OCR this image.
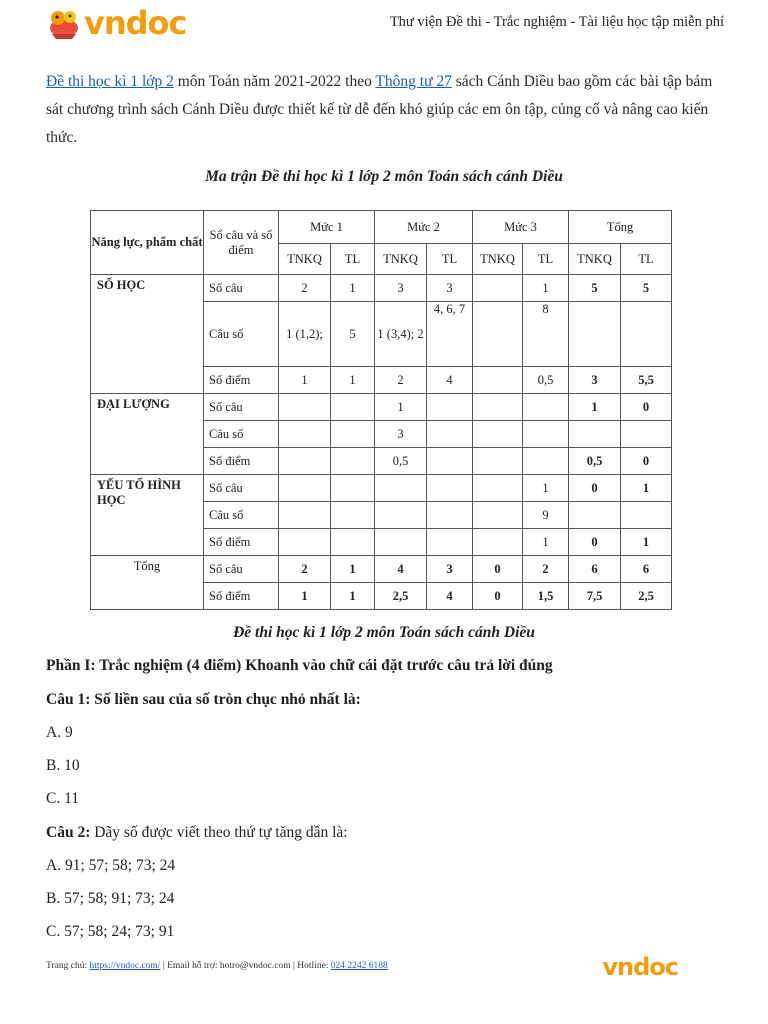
vndoc	Thư viện Đề thi - Trắc nghiệm - Tài liệu học tập miễn phí
Đề thi học kì 1 lớp 2 môn Toán năm 2021-2022 theo Thông tư 27 sách Cánh Diều bao gồm các bài tập bám sát chương trình sách Cánh Diều được thiết kế từ dễ đến khó giúp các em ôn tập, củng cố và nâng cao kiến thức.
Ma trận Đề thi học kì 1 lớp 2 môn Toán sách cánh Diều
Năng lực, phẩm chất	Số câu và số điểm	Mức 1		Mức 2		Mức 3		Tổng	
		TNKQ	TL	TNKQ	TL	TNKQ	TL	TNKQ	TL
SỐ HỌC	Số câu	2	1	3	3		1	5	5
	Câu số	1 (1,2);	5	1 (3,4); 2	4, 6, 7		8		
	Số điểm	1	1	2	4		0,5	3	5,5
ĐẠI LƯỢNG	Số câu			1				1	0
	Câu số			3					
	Số điểm			0,5				0,5	0
YẾU TỐ HÌNH HỌC	Số câu						1	0	1
	Câu số						9		
	Số điểm						1	0	1
Tổng	Số câu	2	1	4	3	0	2	6	6
	Số điểm	1	1	2,5	4	0	1,5	7,5	2,5
Đề thi học kì 1 lớp 2 môn Toán sách cánh Diều
Phần I: Trắc nghiệm (4 điểm) Khoanh vào chữ cái đặt trước câu trả lời đúng
Câu 1: Số liền sau của số tròn chục nhỏ nhất là:
A. 9
B. 10
C. 11
Câu 2: Dãy số được viết theo thứ tự tăng dần là:
A. 91; 57; 58; 73; 24
B. 57; 58; 91; 73; 24
C. 57; 58; 24; 73; 91
Trang chủ: https://vndoc.com/ | Email hỗ trợ: hotro@vndoc.com | Hotline: 024 2242 6188	vndoc
